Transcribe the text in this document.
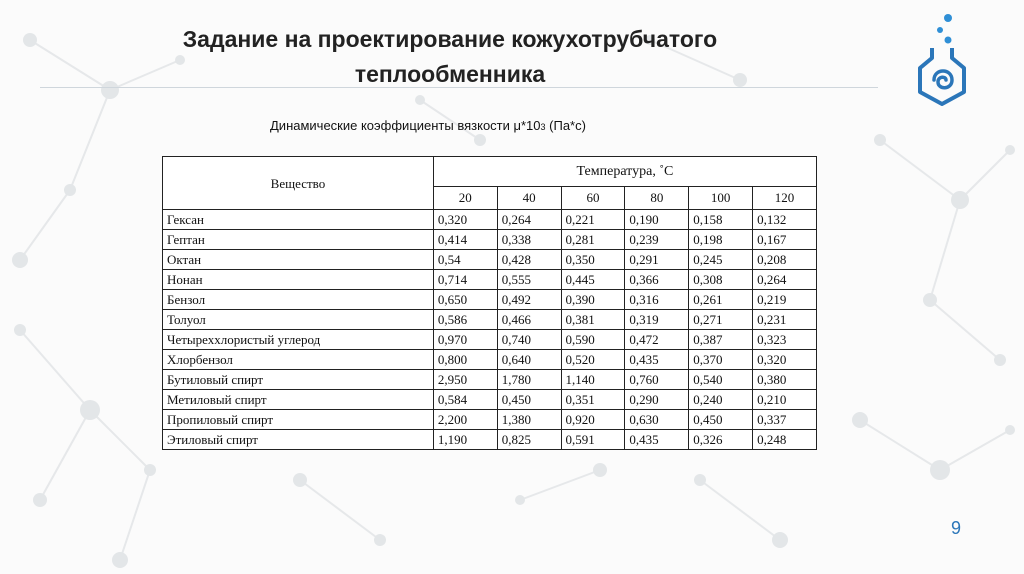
Задание на проектирование кожухотрубчатого
теплообменника
Динамические коэффициенты вязкости μ*103 (Па*с)
Вещество	Температура, ˚С					
	20	40	60	80	100	120
Гексан	0,320	0,264	0,221	0,190	0,158	0,132
Гептан	0,414	0,338	0,281	0,239	0,198	0,167
Октан	0,54	0,428	0,350	0,291	0,245	0,208
Нонан	0,714	0,555	0,445	0,366	0,308	0,264
Бензол	0,650	0,492	0,390	0,316	0,261	0,219
Толуол	0,586	0,466	0,381	0,319	0,271	0,231
Четырехxлористый углерод	0,970	0,740	0,590	0,472	0,387	0,323
Хлорбензол	0,800	0,640	0,520	0,435	0,370	0,320
Бутиловый спирт	2,950	1,780	1,140	0,760	0,540	0,380
Метиловый спирт	0,584	0,450	0,351	0,290	0,240	0,210
Пропиловый спирт	2,200	1,380	0,920	0,630	0,450	0,337
Этиловый спирт	1,190	0,825	0,591	0,435	0,326	0,248
9
